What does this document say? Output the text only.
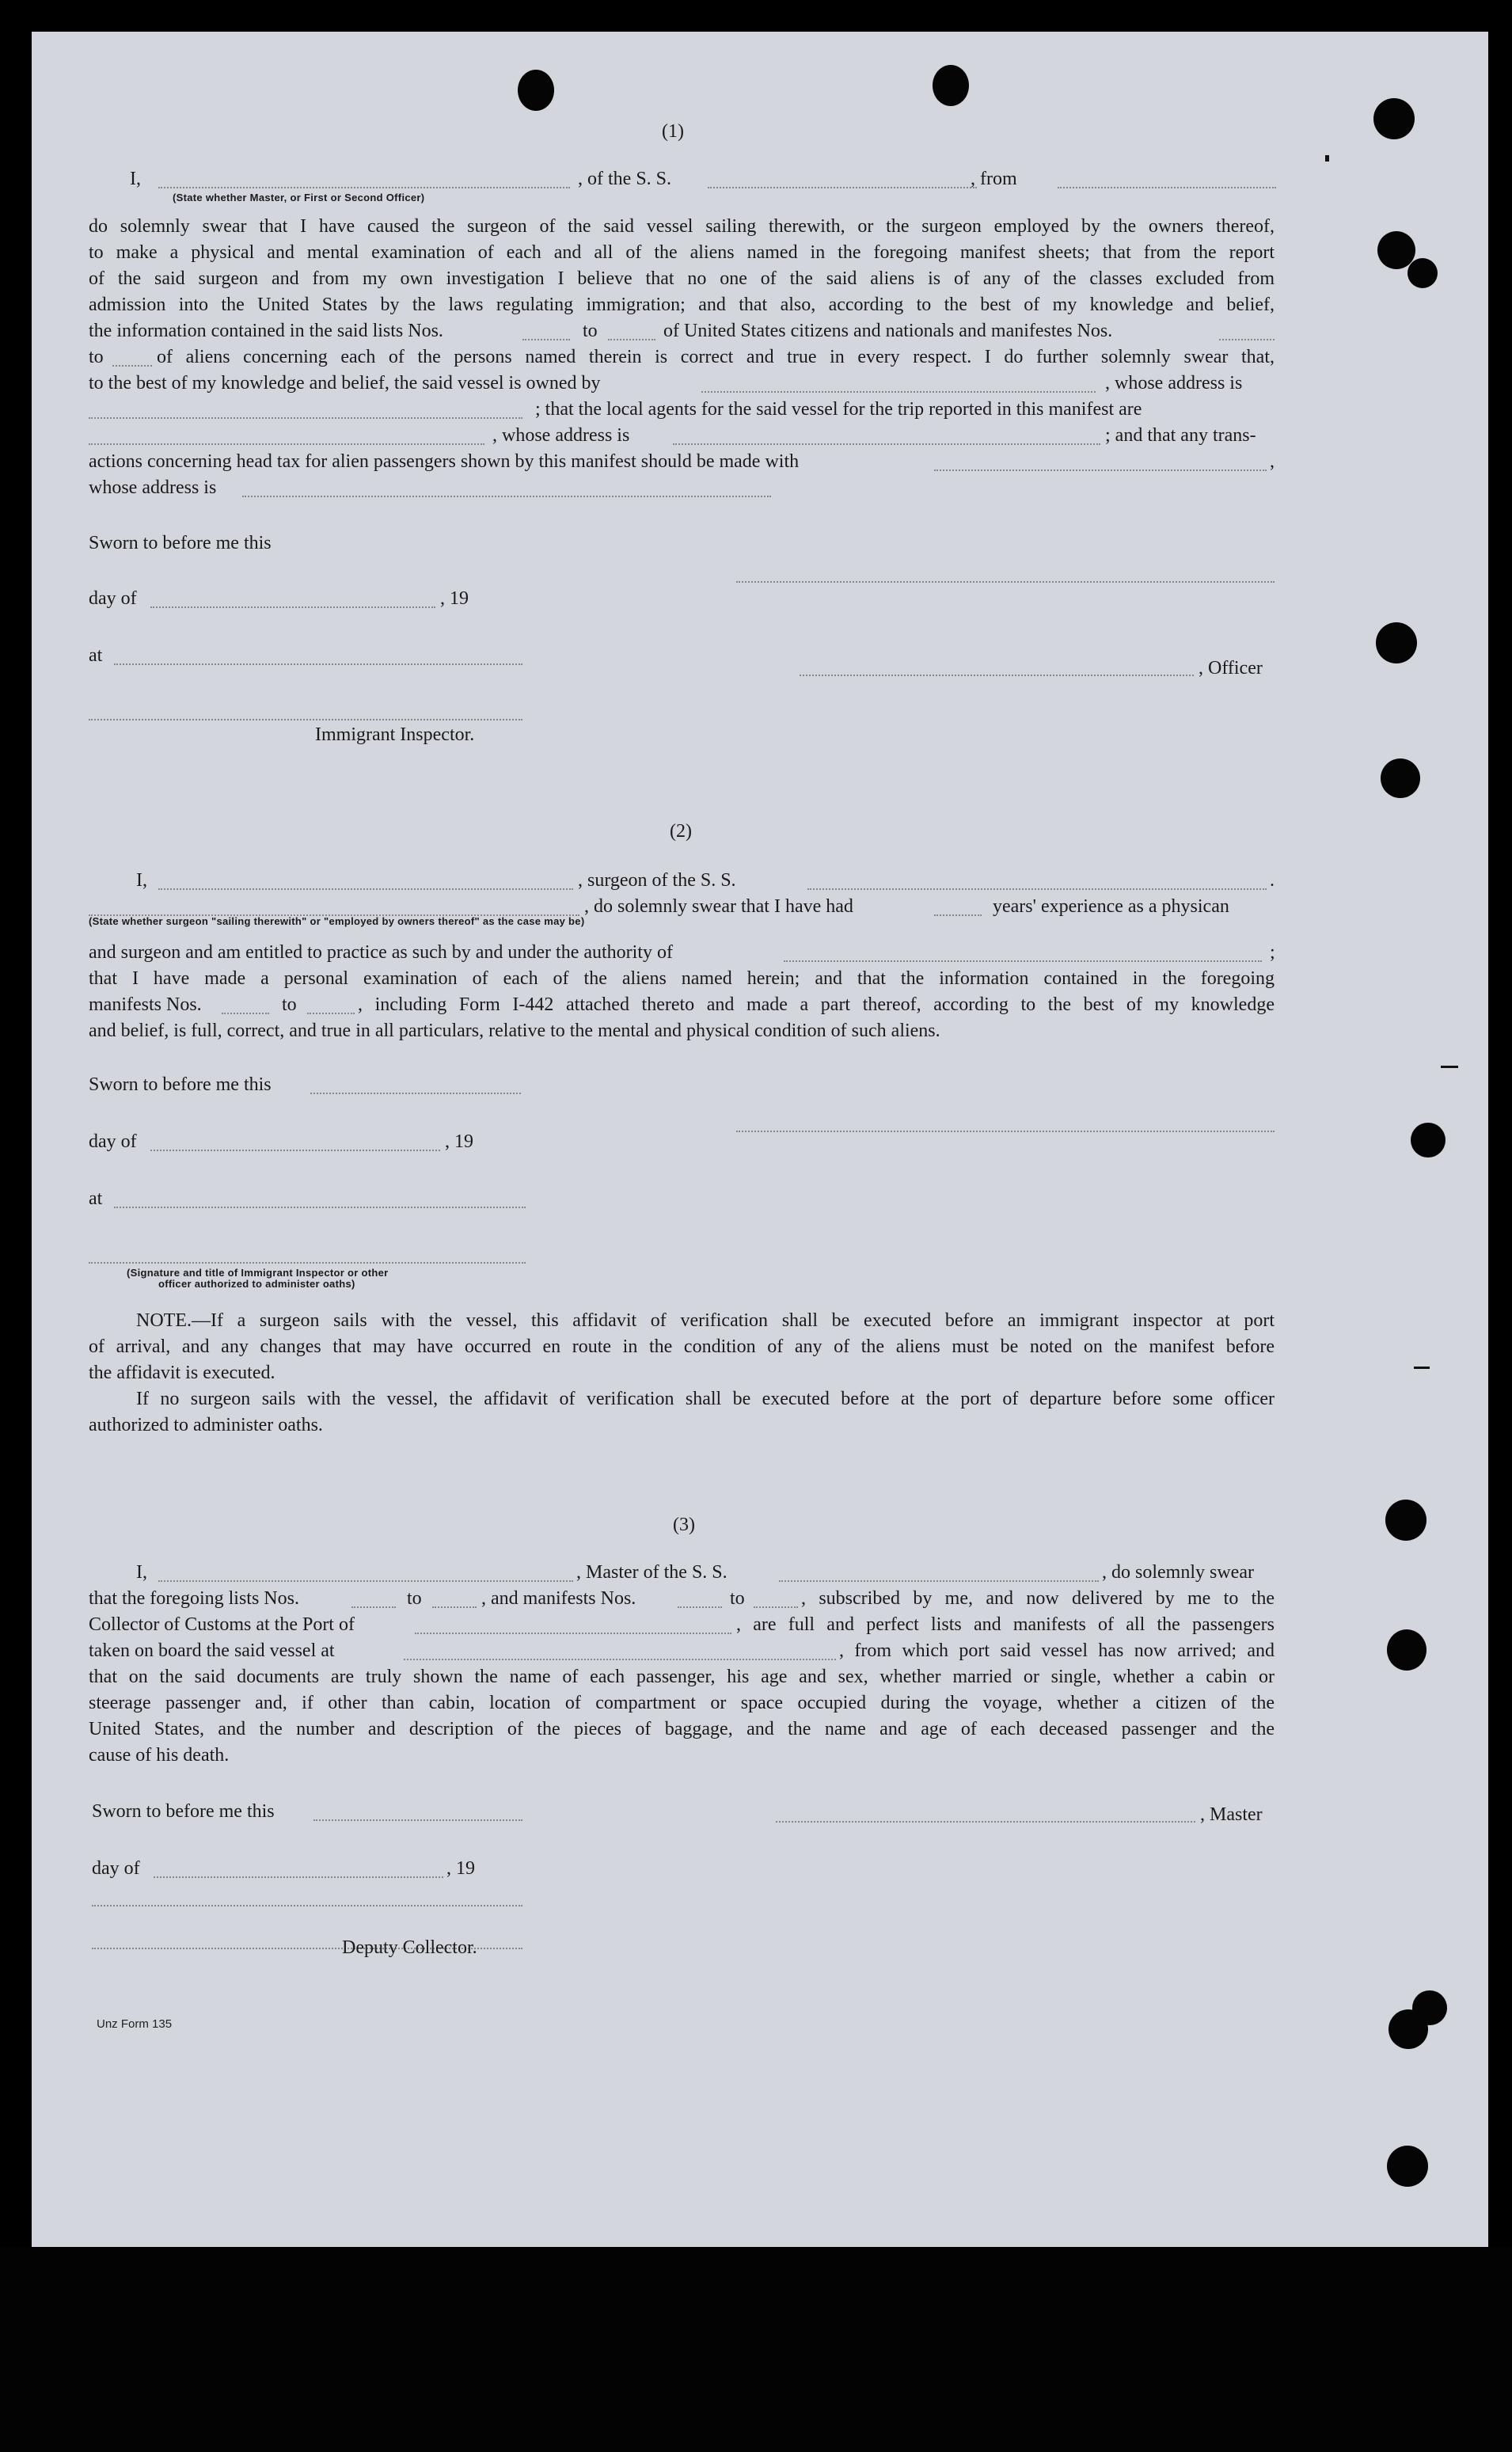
(1)
I,	, of the S. S.	, from
(State whether Master, or First or Second Officer)
do solemnly swear that I have caused the surgeon of the said vessel sailing therewith, or the surgeon employed by the owners thereof,
to make a physical and mental examination of each and all of the aliens named in the foregoing manifest sheets; that from the report
of the said surgeon and from my own investigation I believe that no one of the said aliens is of any of the classes excluded from
admission into the United States by the laws regulating immigration; and that also, according to the best of my knowledge and belief,
the information contained in the said lists Nos.	to	of United States citizens and nationals and manifestes Nos.
to	of aliens concerning each of the persons named therein is correct and true in every respect. I do further solemnly swear that,
to the best of my knowledge and belief, the said vessel is owned by	, whose address is
; that the local agents for the said vessel for the trip reported in this manifest are
, whose address is	; and that any trans-
actions concerning head tax for alien passengers shown by this manifest should be made with	,
whose address is
Sworn to before me this
day of	, 19
at
, Officer
Immigrant Inspector.
(2)
I,	, surgeon of the S. S.	.
, do solemnly swear that I have had	years' experience as a physican
(State whether surgeon "sailing therewith" or "employed by owners thereof" as the case may be)
and surgeon and am entitled to practice as such by and under the authority of	;
that I have made a personal examination of each of the aliens named herein; and that the information contained in the foregoing
manifests Nos.	to	, including Form I-442 attached thereto and made a part thereof, according to the best of my knowledge
and belief, is full, correct, and true in all particulars, relative to the mental and physical condition of such aliens.
Sworn to before me this
day of	, 19
at
(Signature and title of Immigrant Inspector or other
officer authorized to administer oaths)
NOTE.—If a surgeon sails with the vessel, this affidavit of verification shall be executed before an immigrant inspector at port
of arrival, and any changes that may have occurred en route in the condition of any of the aliens must be noted on the manifest before
the affidavit is executed.
If no surgeon sails with the vessel, the affidavit of verification shall be executed before at the port of departure before some officer
authorized to administer oaths.
(3)
I,	, Master of the S. S.	, do solemnly swear
that the foregoing lists Nos.	to	, and manifests Nos.	to	, subscribed by me, and now delivered by me to the
Collector of Customs at the Port of	, are full and perfect lists and manifests of all the passengers
taken on board the said vessel at	, from which port said vessel has now arrived; and
that on the said documents are truly shown the name of each passenger, his age and sex, whether married or single, whether a cabin or
steerage passenger and, if other than cabin, location of compartment or space occupied during the voyage, whether a citizen of the
United States, and the number and description of the pieces of baggage, and the name and age of each deceased passenger and the
cause of his death.
Sworn to before me this	, Master
day of	, 19
Deputy Collector.
Unz Form 135
